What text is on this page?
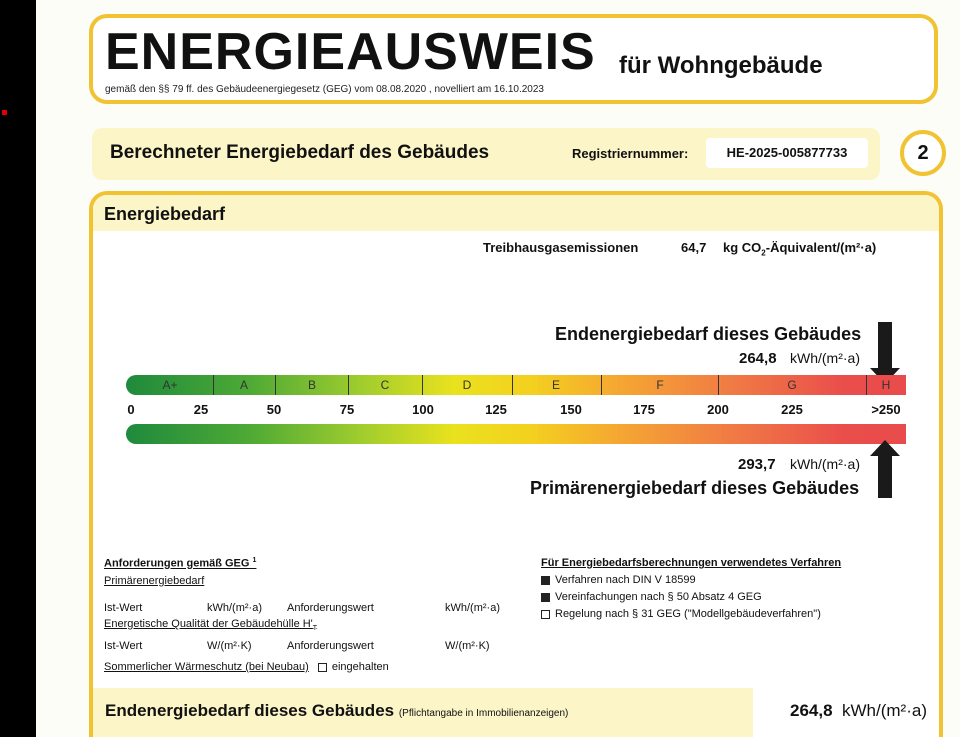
ENERGIEAUSWEIS für Wohngebäude
gemäß den §§ 79 ff. des Gebäudeenergiegesetz (GEG) vom 08.08.2020 , novelliert am 16.10.2023
Berechneter Energiebedarf des Gebäudes	Registriernummer:	HE-2025-005877733	2
Energiebedarf
Treibhausgasemissionen	64,7 kg $CO_2-Äquivalent/(m^2\cdot a)$
Endenergiebedarf dieses Gebäudes
264,8 kWh/(m²·a)
A+	A	B	C	D	E	F	G	H
0	25	50	75	100	125	150	175	200	225	>250
293,7 kWh/(m²·a)
Primärenergiebedarf dieses Gebäudes
Anforderungen gemäß GEG $^1$
Primärenergiebedarf
Ist-Wert	kWh/(m²·a) Anforderungswert	kWh/(m²·a)
Energetische Qualität der Gebäudehülle $H'_T$
Ist-Wert	W/(m²·K)	Anforderungswert	W/(m²·K)
Sommerlicher Wärmeschutz (bei Neubau) eingehalten
Für Energiebedarfsberechnungen verwendetes Verfahren
Verfahren nach DIN V 18599
Vereinfachungen nach § 50 Absatz 4 GEG
Regelung nach § 31 GEG ("Modellgebäudeverfahren")
Endenergiebedarf dieses Gebäudes (Pflichtangabe in Immobilienanzeigen)	264,8 kWh/(m²·a)
